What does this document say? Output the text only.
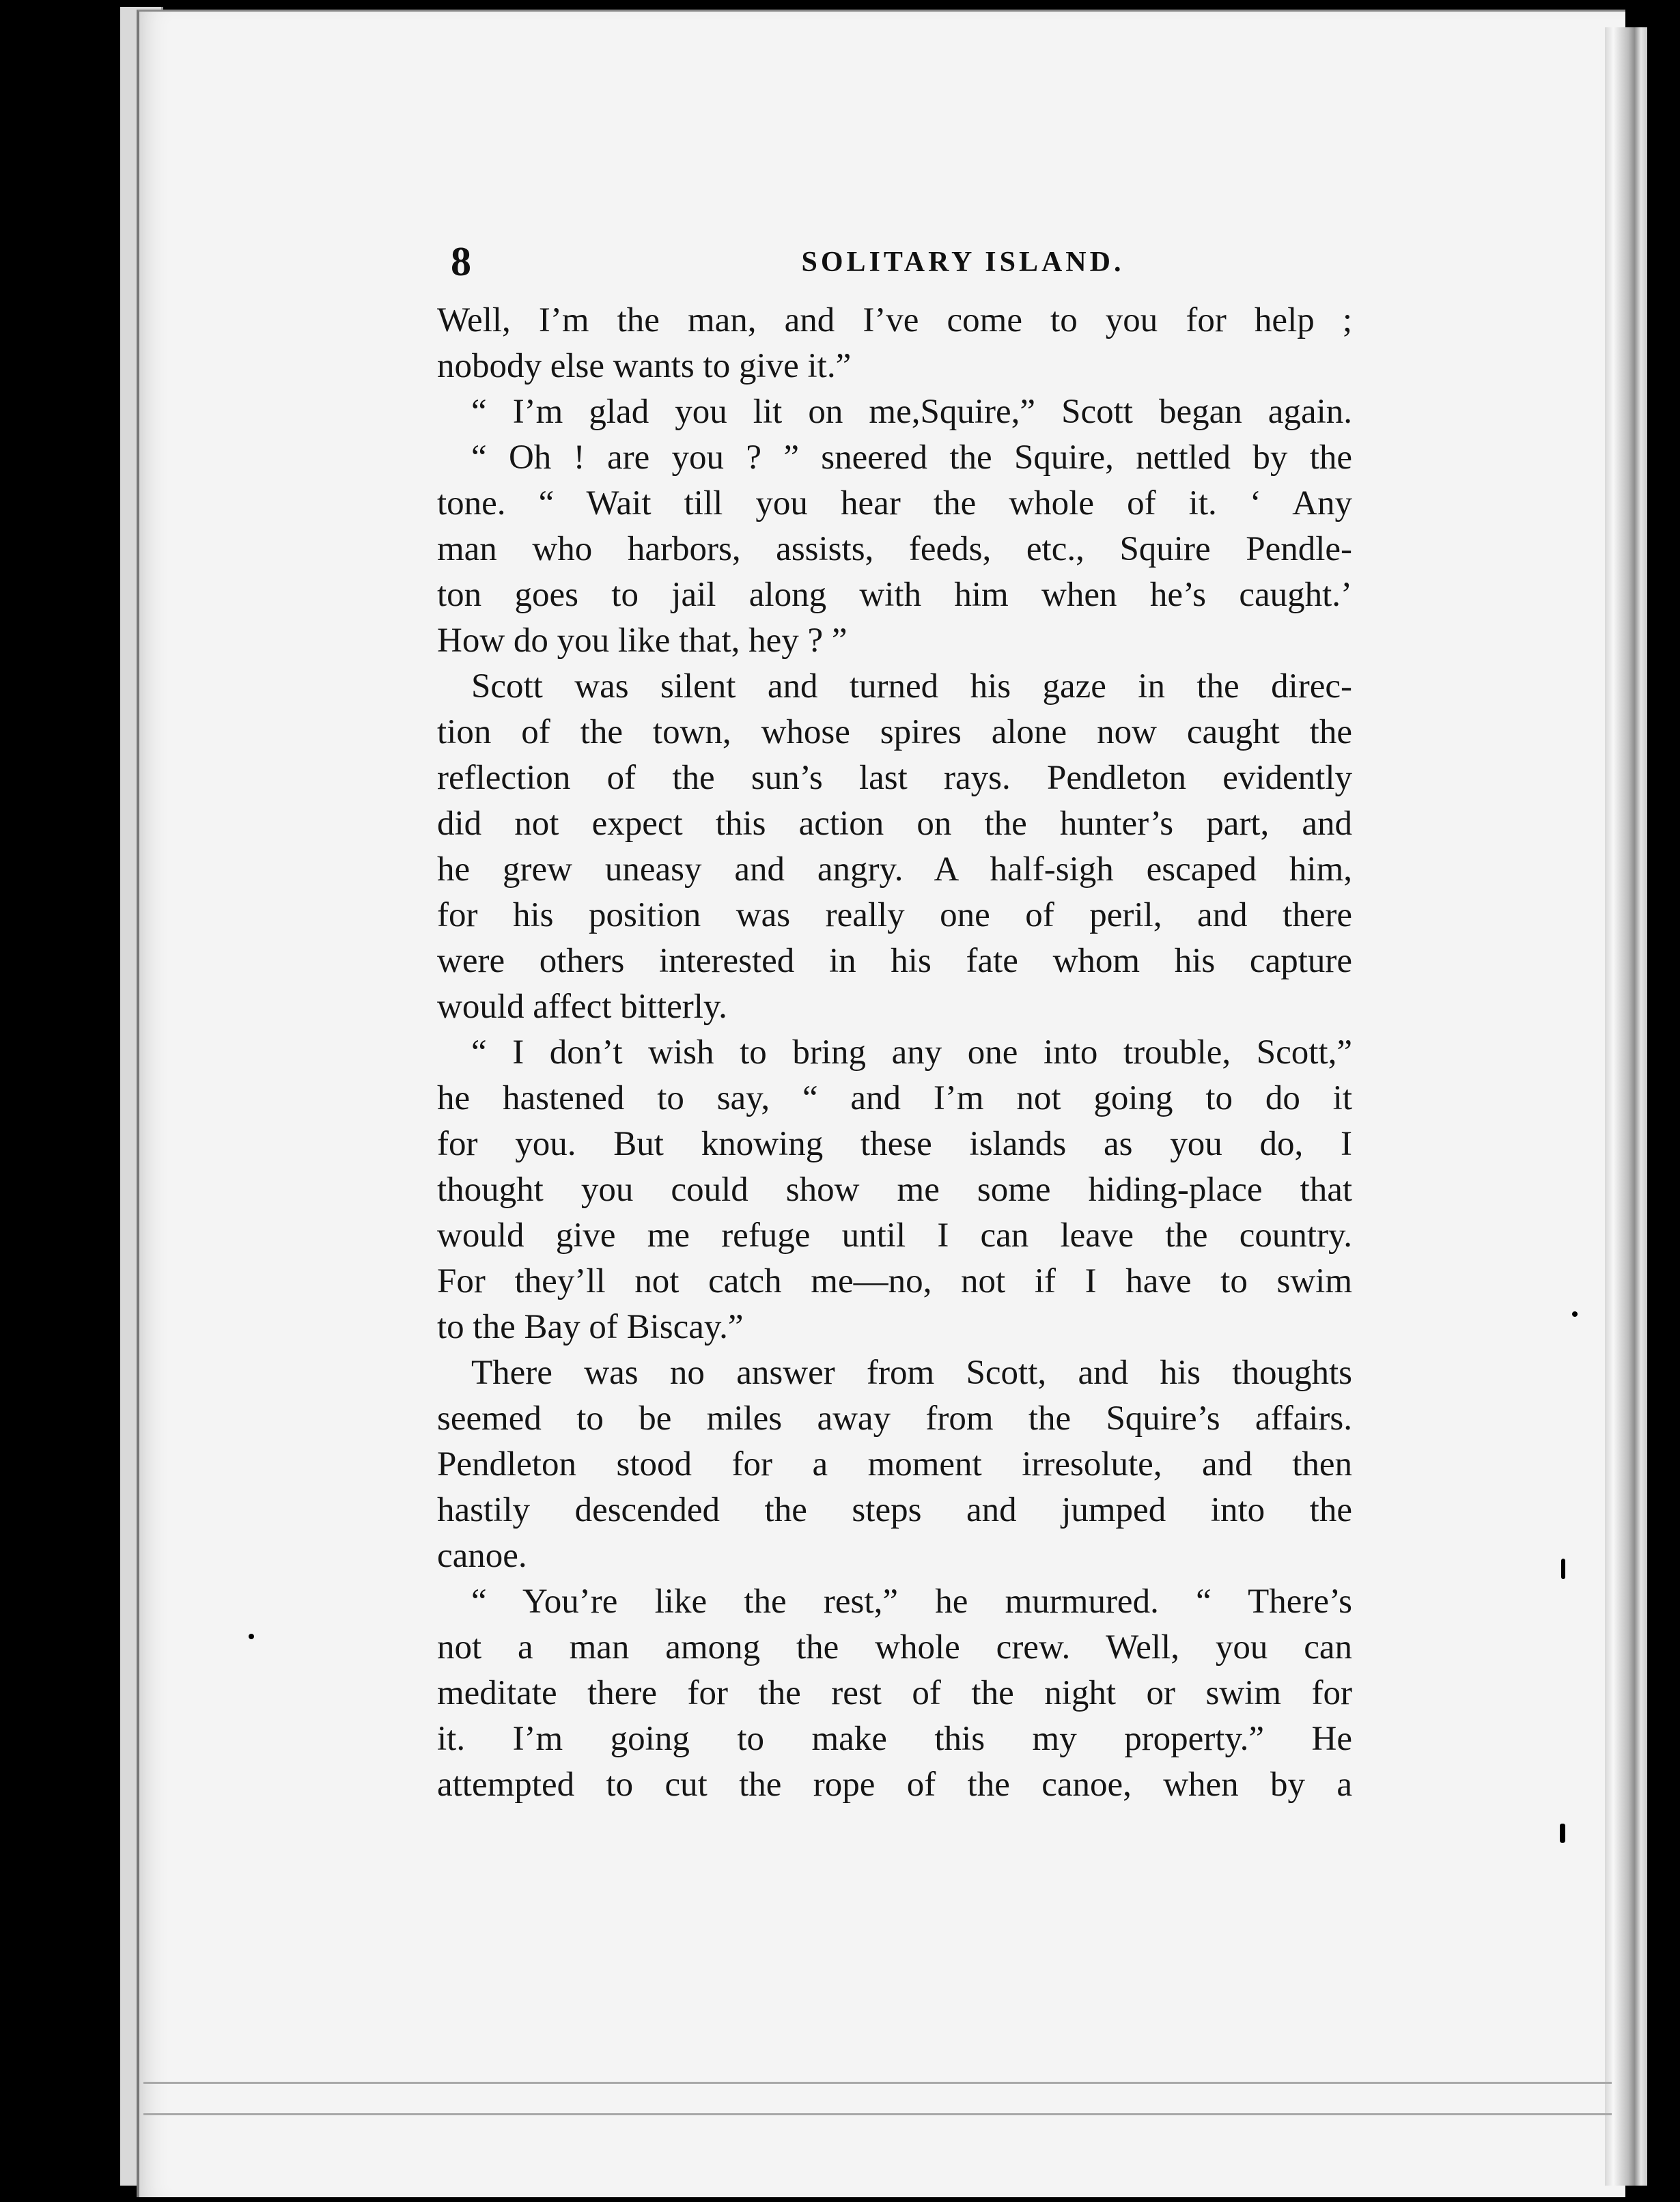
8	SOLITARY ISLAND.
Well, I’m the man, and I’ve come to you for help ;
nobody else wants to give it.”
“ I’m glad you lit on me,Squire,” Scott began again.
“ Oh ! are you ? ” sneered the Squire, nettled by the
tone. “ Wait till you hear the whole of it. ‘ Any
man who harbors, assists, feeds, etc., Squire Pendle-
ton goes to jail along with him when he’s caught.’
How do you like that, hey ? ”
Scott was silent and turned his gaze in the direc-
tion of the town, whose spires alone now caught the
reflection of the sun’s last rays. Pendleton evidently
did not expect this action on the hunter’s part, and
he grew uneasy and angry. A half-sigh escaped him,
for his position was really one of peril, and there
were others interested in his fate whom his capture
would affect bitterly.
“ I don’t wish to bring any one into trouble, Scott,”
he hastened to say, “ and I’m not going to do it
for you. But knowing these islands as you do, I
thought you could show me some hiding-place that
would give me refuge until I can leave the country.
For they’ll not catch me—no, not if I have to swim
to the Bay of Biscay.”
There was no answer from Scott, and his thoughts
seemed to be miles away from the Squire’s affairs.
Pendleton stood for a moment irresolute, and then
hastily descended the steps and jumped into the
canoe.
“ You’re like the rest,” he murmured. “ There’s
not a man among the whole crew. Well, you can
meditate there for the rest of the night or swim for
it. I’m going to make this my property.” He
attempted to cut the rope of the canoe, when by a
